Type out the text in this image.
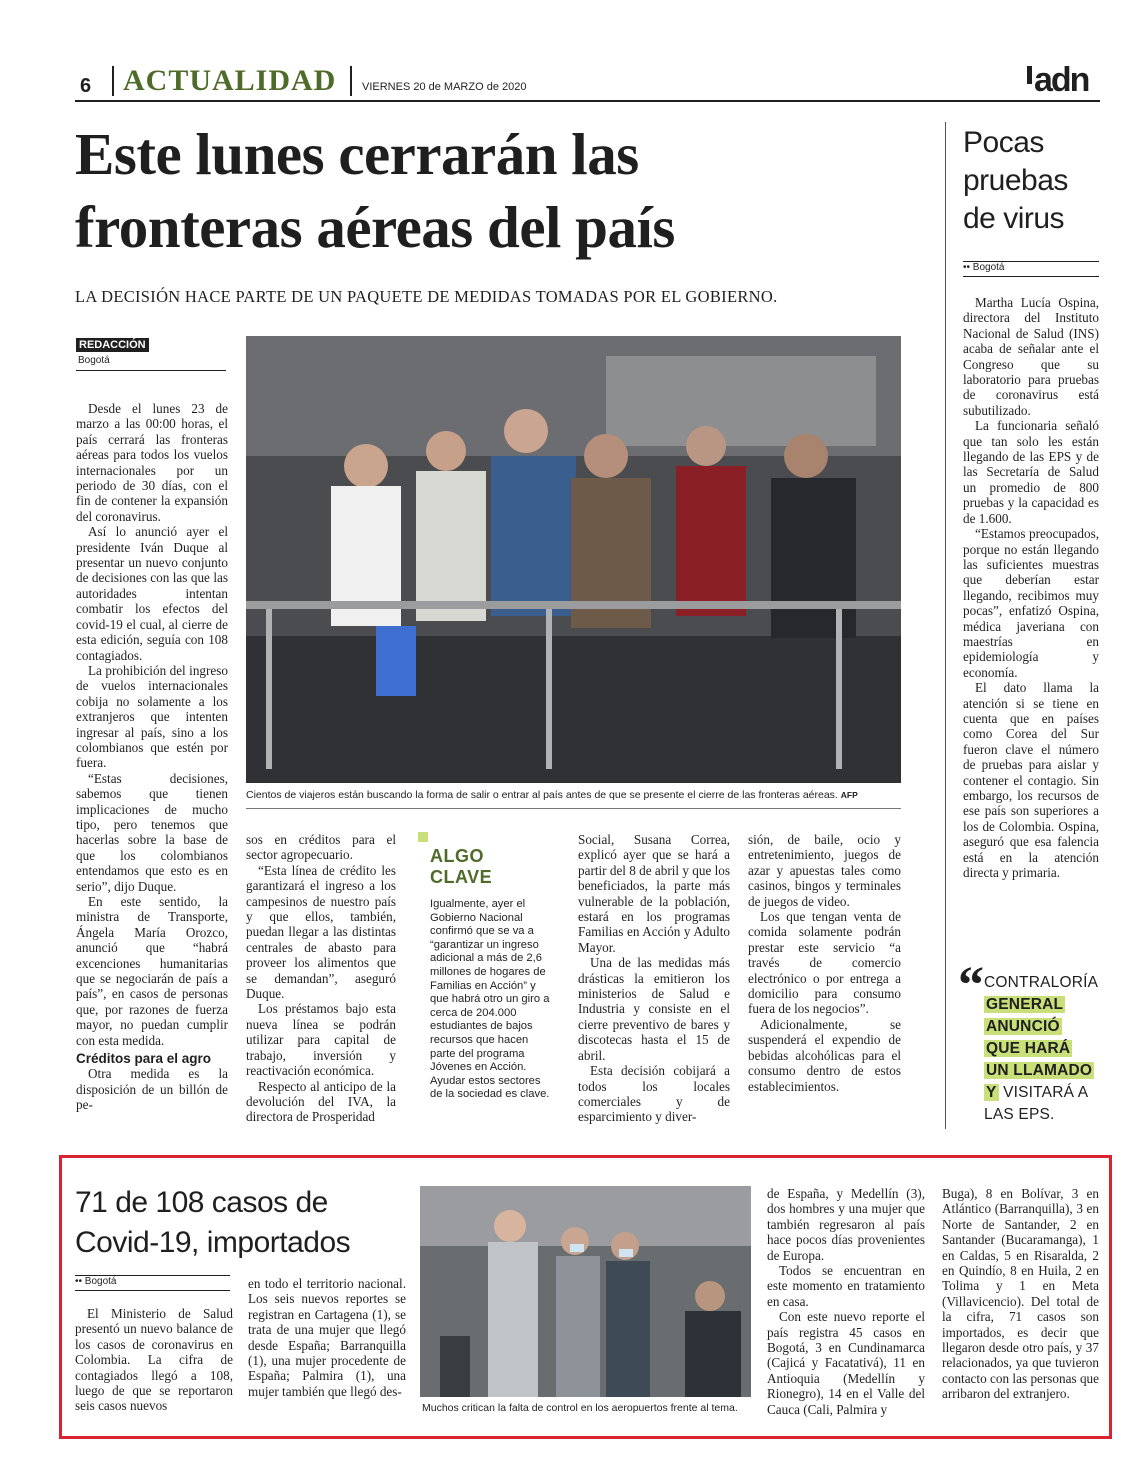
6 ACTUALIDAD VIERNES 20 de MARZO de 2020	adn
Este lunes cerrarán las
fronteras aéreas del país
LA DECISIÓN HACE PARTE DE UN PAQUETE DE MEDIDAS TOMADAS POR EL GOBIERNO.
REDACCIÓN
Bogotá
Cientos de viajeros están buscando la forma de salir o entrar al país antes de que se presente el cierre de las fronteras aéreas. AFP

Desde el lunes 23 de marzo a las 00:00 horas, el país cerrará las fronteras aéreas para todos los vuelos internacionales por un periodo de 30 días, con el fin de contener la expansión del coronavirus.

Así lo anunció ayer el presidente Iván Duque al presentar un nuevo conjunto de decisiones con las que las autoridades intentan combatir los efectos del covid-19 el cual, al cierre de esta edición, seguía con 108 contagiados.

La prohibición del ingreso de vuelos internacionales cobija no solamente a los extranjeros que intenten ingresar al país, sino a los colombianos que estén por fuera.

“Estas decisiones, sabemos que tienen implicaciones de mucho tipo, pero tenemos que hacerlas sobre la base de que los colombianos entendamos que esto es en serio”, dijo Duque.

En este sentido, la ministra de Transporte, Ángela María Orozco, anunció que “habrá excenciones humanitarias que se negociarán de país a país”, en casos de personas que, por razones de fuerza mayor, no puedan cumplir con esta medida.

Créditos para el agro

Otra medida es la disposición de un billón de pe-

sos en créditos para el sector agropecuario.

“Esta línea de crédito les garantizará el ingreso a los campesinos de nuestro país y que ellos, también, puedan llegar a las distintas centrales de abasto para proveer los alimentos que se demandan”, aseguró Duque.

Los préstamos bajo esta nueva línea se podrán utilizar para capital de trabajo, inversión y reactivación económica.

Respecto al anticipo de la devolución del IVA, la directora de Prosperidad

ALGO
CLAVE
Igualmente, ayer el Gobierno Nacional confirmó que se va a “garantizar un ingreso adicional a más de 2,6 millones de hogares de Familias en Acción” y que habrá otro un giro a cerca de 204.000 estudiantes de bajos recursos que hacen parte del programa Jóvenes en Acción. Ayudar estos sectores de la sociedad es clave.

Social, Susana Correa, explicó ayer que se hará a partir del 8 de abril y que los beneficiados, la parte más vulnerable de la población, estará en los programas Familias en Acción y Adulto Mayor.

Una de las medidas más drásticas la emitieron los ministerios de Salud e Industria y consiste en el cierre preventivo de bares y discotecas hasta el 15 de abril.

Esta decisión cobijará a todos los locales comerciales y de esparcimiento y diver-

sión, de baile, ocio y entretenimiento, juegos de azar y apuestas tales como casinos, bingos y terminales de juegos de video.

Los que tengan venta de comida solamente podrán prestar este servicio “a través de comercio electrónico o por entrega a domicilio para consumo fuera de los negocios”.

Adicionalmente, se suspenderá el expendio de bebidas alcohólicas para el consumo dentro de estos establecimientos.

Pocas
pruebas
de virus
•• Bogotá

Martha Lucía Ospina, directora del Instituto Nacional de Salud (INS) acaba de señalar ante el Congreso que su laboratorio para pruebas de coronavirus está subutilizado.

La funcionaria señaló que tan solo les están llegando de las EPS y de las Secretaría de Salud un promedio de 800 pruebas y la capacidad es de 1.600.

“Estamos preocupados, porque no están llegando las suficientes muestras que deberían estar llegando, recibimos muy pocas”, enfatizó Ospina, médica javeriana con maestrías en epidemiología y economía.

El dato llama la atención si se tiene en cuenta que en países como Corea del Sur fueron clave el número de pruebas para aislar y contener el contagio. Sin embargo, los recursos de ese país son superiores a los de Colombia. Ospina, aseguró que esa falencia está en la atención directa y primaria.

“ CONTRALORÍA
GENERAL
ANUNCIÓ
QUE HARÁ
UN LLAMADO
Y VISITARÁ A
LAS EPS.
71 de 108 casos de
Covid-19, importados
•• Bogotá

El Ministerio de Salud presentó un nuevo balance de los casos de coronavirus en Colombia. La cifra de contagiados llegó a 108, luego de que se reportaron seis casos nuevos

en todo el territorio nacional. Los seis nuevos reportes se registran en Cartagena (1), se trata de una mujer que llegó desde España; Barranquilla (1), una mujer procedente de España; Palmira (1), una mujer también que llegó des-

Muchos critican la falta de control en los aeropuertos frente al tema.

de España, y Medellín (3), dos hombres y una mujer que también regresaron al país hace pocos días provenientes de Europa.

Todos se encuentran en este momento en tratamiento en casa.

Con este nuevo reporte el país registra 45 casos en Bogotá, 3 en Cundinamarca (Cajicá y Facatativá), 11 en Antioquia (Medellín y Rionegro), 14 en el Valle del Cauca (Cali, Palmira y

Buga), 8 en Bolívar, 3 en Atlántico (Barranquilla), 3 en Norte de Santander, 2 en Santander (Bucaramanga), 1 en Caldas, 5 en Risaralda, 2 en Quindío, 8 en Huila, 2 en Tolima y 1 en Meta (Villavicencio). Del total de la cifra, 71 casos son importados, es decir que llegaron desde otro país, y 37 relacionados, ya que tuvieron contacto con las personas que arribaron del extranjero.
